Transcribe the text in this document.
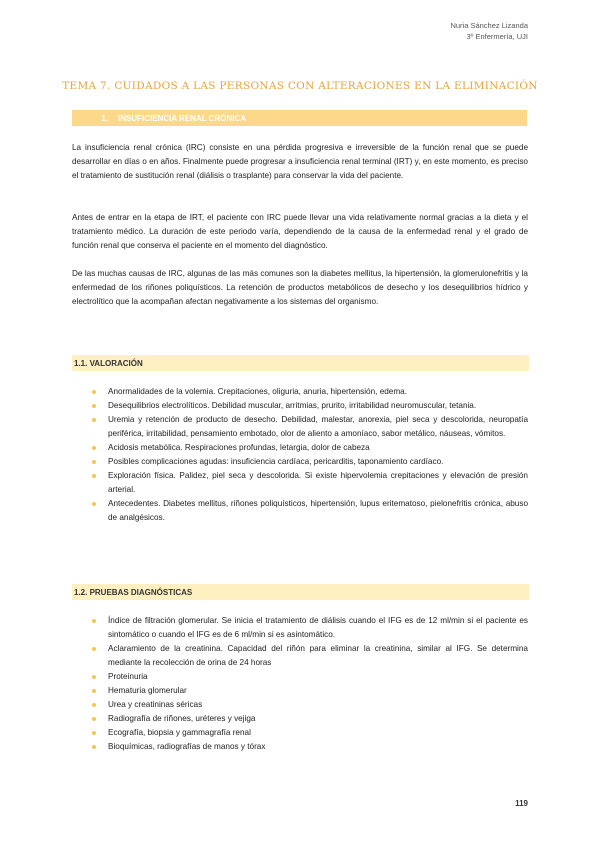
Nuria Sánchez Lizanda
3º Enfermería, UJI
TEMA 7. CUIDADOS A LAS PERSONAS CON ALTERACIONES EN LA ELIMINACIÓN
1. INSUFICIENCIA RENAL CRÓNICA
La insuficiencia renal crónica (IRC) consiste en una pérdida progresiva e irreversible de la función renal que se puede desarrollar en días o en años. Finalmente puede progresar a insuficiencia renal terminal (IRT) y, en este momento, es preciso el tratamiento de sustitución renal (diálisis o trasplante) para conservar la vida del paciente.
Antes de entrar en la etapa de IRT, el paciente con IRC puede llevar una vida relativamente normal gracias a la dieta y el tratamiento médico. La duración de este periodo varía, dependiendo de la causa de la enfermedad renal y el grado de función renal que conserva el paciente en el momento del diagnóstico.
De las muchas causas de IRC, algunas de las más comunes son la diabetes mellitus, la hipertensión, la glomerulonefritis y la enfermedad de los riñones poliquísticos. La retención de productos metabólicos de desecho y los desequilibrios hídrico y electrolítico que la acompañan afectan negativamente a los sistemas del organismo.
1.1. VALORACIÓN
Anormalidades de la volemia. Crepitaciones, oliguria, anuria, hipertensión, edema.
Desequilibrios electrolíticos. Debilidad muscular, arritmias, prurito, irritabilidad neuromuscular, tetania.
Uremia y retención de producto de desecho. Debilidad, malestar, anorexia, piel seca y descolorida, neuropatía periférica, irritabilidad, pensamiento embotado, olor de aliento a amoníaco, sabor metálico, náuseas, vómitos.
Acidosis metabólica. Respiraciones profundas, letargia, dolor de cabeza
Posibles complicaciones agudas: insuficiencia cardíaca, pericarditis, taponamiento cardíaco.
Exploración física. Palidez, piel seca y descolorida. Si existe hipervolemia crepitaciones y elevación de presión arterial.
Antecedentes. Diabetes mellitus, riñones poliquísticos, hipertensión, lupus eritematoso, pielonefritis crónica, abuso de analgésicos.
1.2. PRUEBAS DIAGNÓSTICAS
Índice de filtración glomerular. Se inicia el tratamiento de diálisis cuando el IFG es de 12 ml/min si el paciente es sintomático o cuando el IFG es de 6 ml/min si es asintomático.
Aclaramiento de la creatinina. Capacidad del riñón para eliminar la creatinina, similar al IFG. Se determina mediante la recolección de orina de 24 horas
Proteinuria
Hematuria glomerular
Urea y creatininas séricas
Radiografía de riñones, uréteres y vejiga
Ecografía, biopsia y gammagrafía renal
Bioquímicas, radiografías de manos y tórax
119
